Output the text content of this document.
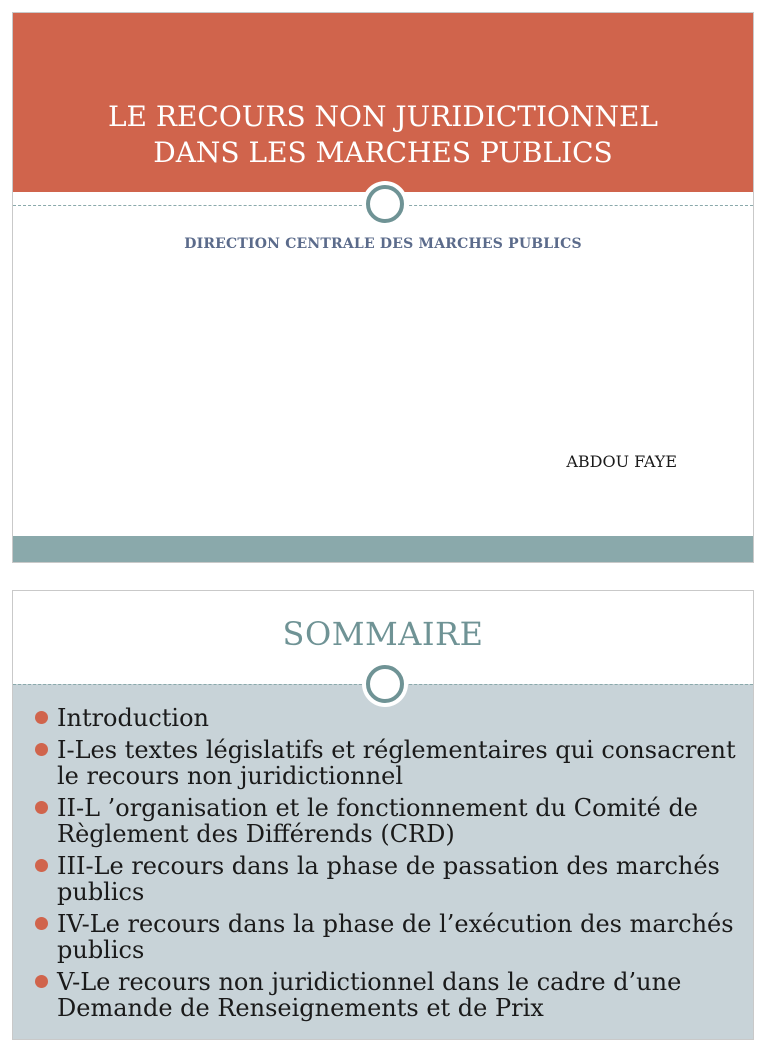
LE RECOURS NON JURIDICTIONNEL
DANS LES MARCHES PUBLICS
DIRECTION CENTRALE DES MARCHES PUBLICS
ABDOU FAYE
SOMMAIRE
Introduction
I-Les textes législatifs et réglementaires qui consacrent le recours non juridictionnel
II-L ’organisation et le fonctionnement du Comité de Règlement des Différends (CRD)
III-Le recours dans la phase de passation des marchés publics
IV-Le recours dans la phase de l’exécution des marchés publics
V-Le recours non juridictionnel dans le cadre d’une Demande de Renseignements et de Prix
